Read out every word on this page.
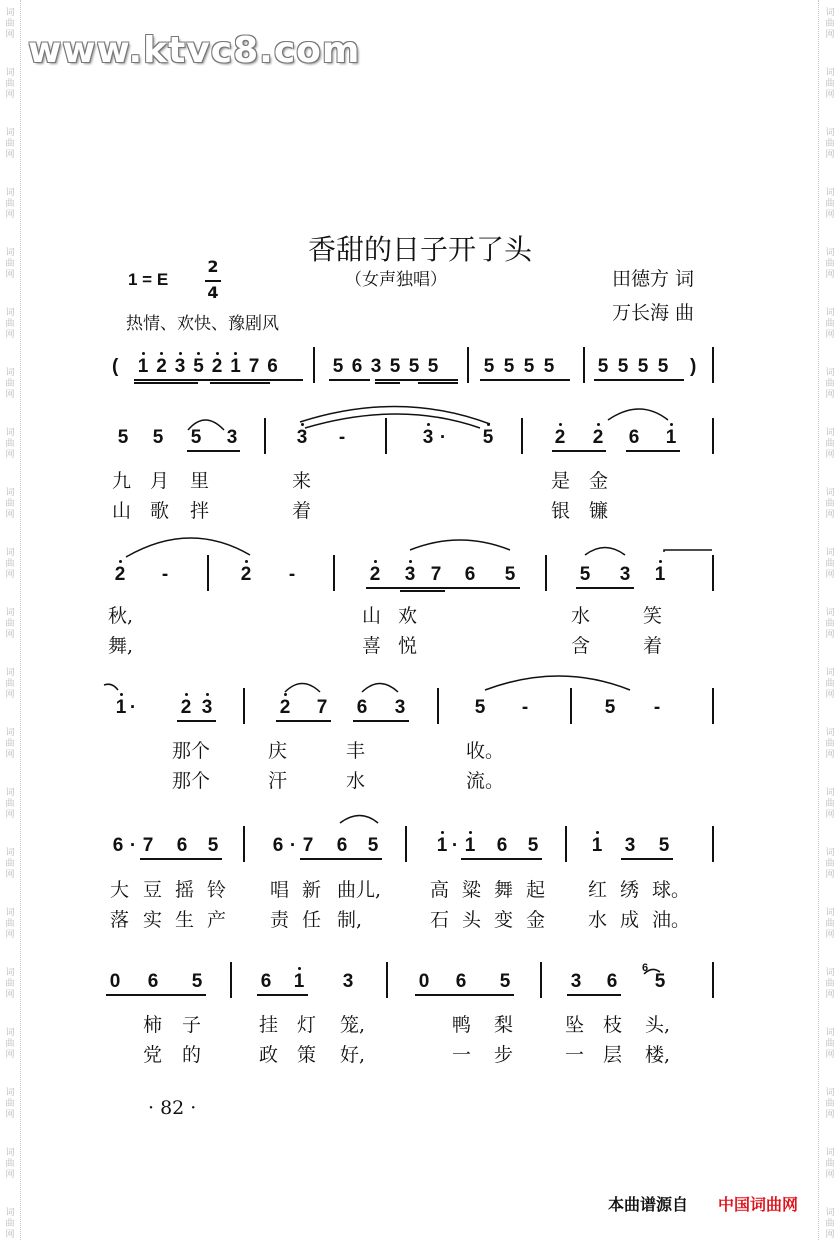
词
曲
网
词
曲
网
词
曲
网
词
曲
网
词
曲
网
词
曲
网
词
曲
网
词
曲
网
词
曲
网
词
曲
网
词
曲
网
词
曲
网
词
曲
网
词
曲
网
词
曲
网
词
曲
网
词
曲
网
词
曲
网
词
曲
网
词
曲
网
词
曲
网
词
曲
网
词
曲
网
词
曲
网
词
曲
网
词
曲
网
词
曲
网
词
曲
网
词
曲
网
词
曲
网
词
曲
网
词
曲
网
词
曲
网
词
曲
网
词
曲
网
词
曲
网
词
曲
网
词
曲
网
词
曲
网
词
曲
网
词
曲
网
词
曲
网
www.ktvc8.com
香甜的日子开了头
1 = E
2
4
（女声独唱）
热情、欢快、豫剧风
田德方 词
万长海 曲
( 1 2 3 5 2 1 7 6	5 6 3 5 5 5 5 5 5 5 5 5 5 5 )
5 5 5 3	3 -	3 · 5	2 2 6 1
九 月 里	来	是 金
山 歌 拌	着	银 镰
2 -	2 -	2 3 7 6 5	5 3 1
秋,	山 欢	水	笑
舞,	喜 悦	含	着
1 · 2 3	2 7 6 3	5 -	5 -
那个	庆	丰	收。
那个	汗	水	流。
6 · 7 6 5	6 · 7 6 5	1 · 1 6 5	1 3 5
大 豆 摇 铃 唱 新 曲儿,	高 粱 舞 起 红 绣 球。
落 实 生 产 责 任 制,	石 头 变 金 水 成 油。
0 6 5	6 1 3	0 6 5	3 6 5
6
柿 子	挂 灯 笼,	鸭 梨	坠 枝 头,
党 的	政 策 好,	一 步	一 层 楼,
· 82 ·
本曲谱源自 中国词曲网
